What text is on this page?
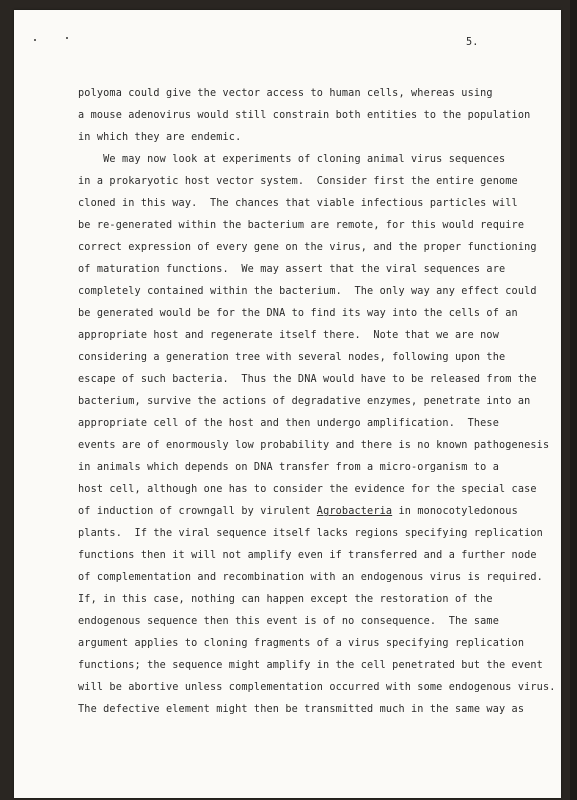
5.
polyoma could give the vector access to human cells, whereas using
a mouse adenovirus would still constrain both entities to the population
in which they are endemic.
We may now look at experiments of cloning animal virus sequences
in a prokaryotic host vector system.  Consider first the entire genome
cloned in this way.  The chances that viable infectious particles will
be re-generated within the bacterium are remote, for this would require
correct expression of every gene on the virus, and the proper functioning
of maturation functions.  We may assert that the viral sequences are
completely contained within the bacterium.  The only way any effect could
be generated would be for the DNA to find its way into the cells of an
appropriate host and regenerate itself there.  Note that we are now
considering a generation tree with several nodes, following upon the
escape of such bacteria.  Thus the DNA would have to be released from the
bacterium, survive the actions of degradative enzymes, penetrate into an
appropriate cell of the host and then undergo amplification.  These
events are of enormously low probability and there is no known pathogenesis
in animals which depends on DNA transfer from a micro-organism to a
host cell, although one has to consider the evidence for the special case
of induction of crowngall by virulent Agrobacteria in monocotyledonous
plants.  If the viral sequence itself lacks regions specifying replication
functions then it will not amplify even if transferred and a further node
of complementation and recombination with an endogenous virus is required.
If, in this case, nothing can happen except the restoration of the
endogenous sequence then this event is of no consequence.  The same
argument applies to cloning fragments of a virus specifying replication
functions; the sequence might amplify in the cell penetrated but the event
will be abortive unless complementation occurred with some endogenous virus.
The defective element might then be transmitted much in the same way as
